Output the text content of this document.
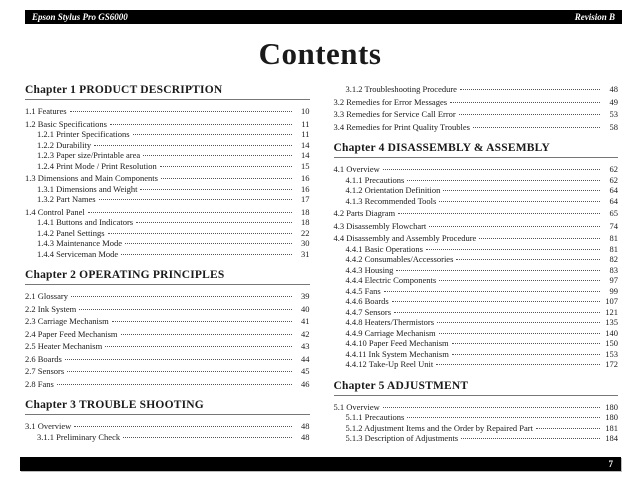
Epson Stylus Pro GS6000	Revision B
Contents
Chapter 1 PRODUCT DESCRIPTION
1.1 Features	10
1.2 Basic Specifications	11
1.2.1 Printer Specifications	11
1.2.2 Durability	14
1.2.3 Paper size/Printable area	14
1.2.4 Print Mode / Print Resolution	15
1.3 Dimensions and Main Components	16
1.3.1 Dimensions and Weight	16
1.3.2 Part Names	17
1.4 Control Panel	18
1.4.1 Buttons and Indicators	18
1.4.2 Panel Settings	22
1.4.3 Maintenance Mode	30
1.4.4 Serviceman Mode	31
Chapter 2 OPERATING PRINCIPLES
2.1 Glossary	39
2.2 Ink System	40
2.3 Carriage Mechanism	41
2.4 Paper Feed Mechanism	42
2.5 Heater Mechanism	43
2.6 Boards	44
2.7 Sensors	45
2.8 Fans	46
Chapter 3 TROUBLE SHOOTING
3.1 Overview	48
3.1.1 Preliminary Check	48
3.1.2 Troubleshooting Procedure	48
3.2 Remedies for Error Messages	49
3.3 Remedies for Service Call Error	53
3.4 Remedies for Print Quality Troubles	58
Chapter 4 DISASSEMBLY & ASSEMBLY
4.1 Overview	62
4.1.1 Precautions	62
4.1.2 Orientation Definition	64
4.1.3 Recommended Tools	64
4.2 Parts Diagram	65
4.3 Disassembly Flowchart	74
4.4 Disassembly and Assembly Procedure	81
4.4.1 Basic Operations	81
4.4.2 Consumables/Accessories	82
4.4.3 Housing	83
4.4.4 Electric Components	97
4.4.5 Fans	99
4.4.6 Boards	107
4.4.7 Sensors	121
4.4.8 Heaters/Thermistors	135
4.4.9 Carriage Mechanism	140
4.4.10 Paper Feed Mechanism	150
4.4.11 Ink System Mechanism	153
4.4.12 Take-Up Reel Unit	172
Chapter 5 ADJUSTMENT
5.1 Overview	180
5.1.1 Precautions	180
5.1.2 Adjustment Items and the Order by Repaired Part	181
5.1.3 Description of Adjustments	184
7
